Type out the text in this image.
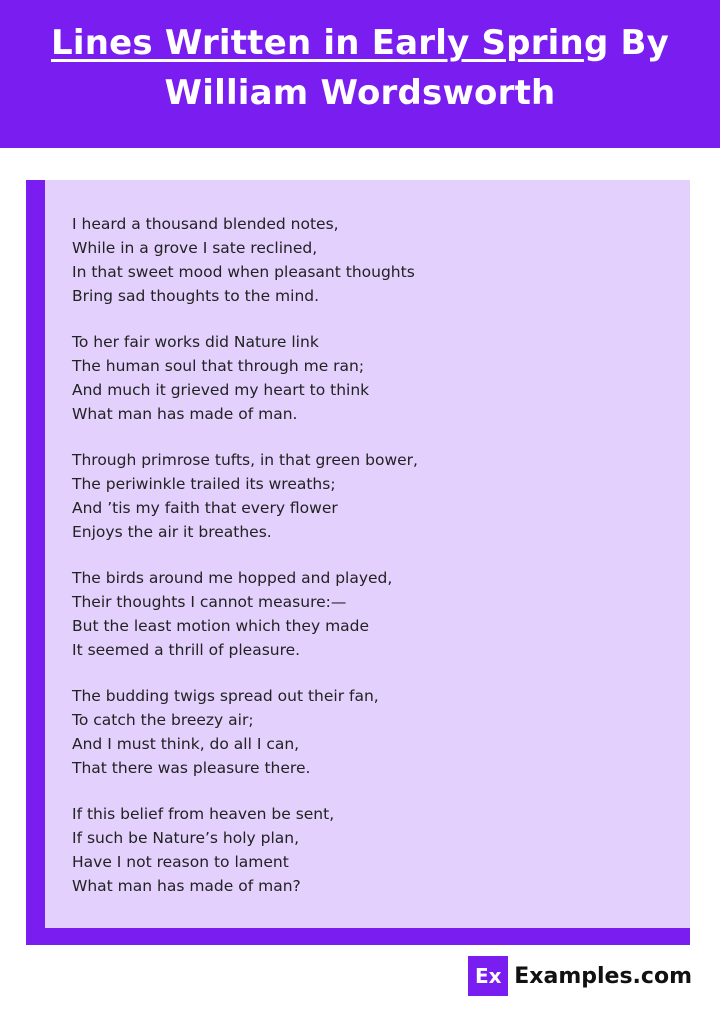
Lines Written in Early Spring By
William Wordsworth
I heard a thousand blended notes,
While in a grove I sate reclined,
In that sweet mood when pleasant thoughts
Bring sad thoughts to the mind.
To her fair works did Nature link
The human soul that through me ran;
And much it grieved my heart to think
What man has made of man.
Through primrose tufts, in that green bower,
The periwinkle trailed its wreaths;
And ’tis my faith that every flower
Enjoys the air it breathes.
The birds around me hopped and played,
Their thoughts I cannot measure:—
But the least motion which they made
It seemed a thrill of pleasure.
The budding twigs spread out their fan,
To catch the breezy air;
And I must think, do all I can,
That there was pleasure there.
If this belief from heaven be sent,
If such be Nature’s holy plan,
Have I not reason to lament
What man has made of man?
Ex Examples.com
